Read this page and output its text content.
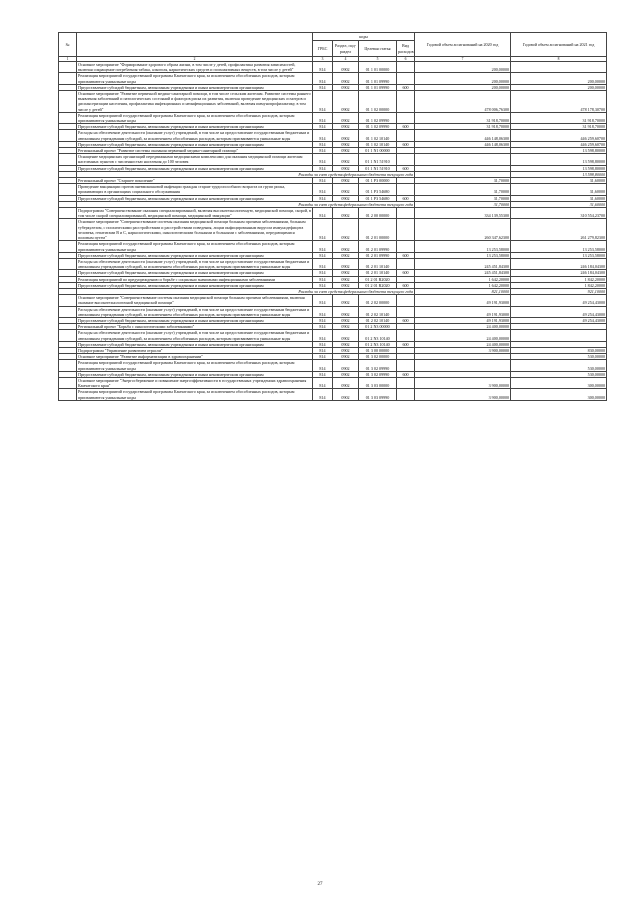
№		коды				Годовой объем ассигнований на 2020 год	Годовой объем ассигнований на 2021 год
		ГРБС	Раздел, под-раздел	Целевая статья	Вид расходов		
1	2	3	4	5	6	7	8
	Основное мероприятие "Формирование здорового образа жизни, в том числе у детей, профилактика развития зависимостей, включая сокращение потребления табака, алкоголя, наркотических средств и психоактивных веществ, в том числе у детей"	814	0902	01 1 01 00000		200,00000	
	Реализация мероприятий государственной программы Камчатского края, за исключением обособленных расходов, которым присваиваются уникальные коды	814	0902	01 1 01 09990		200,00000	200,00000
	Предоставление субсидий бюджетным, автономным учреждениям и иным некоммерческим организациям	814	0902	01 1 01 09990	600	200,00000	200,00000
	Основное мероприятие "Развитие первичной медико-санитарной помощи, в том числе сельским жителям. Развитие системы раннего выявления заболеваний и патологических состояний и факторов риска их развития, включая проведение медицинских осмотров и диспансеризации населения, профилактика инфекционных и неинфекционных заболеваний, включая иммунопрофилактику, в том числе у детей"	814	0902	01 1 02 00000		478 006,76300	478 178,30700
	Реализация мероприятий государственной программы Камчатского края, за исключением обособленных расходов, которым присваиваются уникальные коды	814	0902	01 1 02 09990		31 918,70000	31 918,70000
	Предоставление субсидий бюджетным, автономным учреждениям и иным некоммерческим организациям	814	0902	01 1 02 09990	600	31 918,70000	31 918,70000
	Расходы на обеспечение деятельности (оказание услуг) учреждений, в том числе на предоставление государственным бюджетным и автономным учреждениям субсидий, за исключением обособленных расходов, которым присваиваются уникальные коды	814	0902	01 1 02 10140		446 148,06300	446 259,60700
	Предоставление субсидий бюджетным, автономным учреждениям и иным некоммерческим организациям	814	0902	01 1 02 10140	600	446 148,06300	446 259,60700
	Региональный проект "Развитие системы оказания первичной медико-санитарной помощи"	814	0902	01 1 N1 00000			13 598,80000
	Оснащение медицинских организаций передвижными медицинскими комплексами для оказания медицинской помощи жителям населенных пунктов с численностью населения до 100 человек	814	0902	01 1 N1 51910			13 598,80000
	Предоставление субсидий бюджетным, автономным учреждениям и иным некоммерческим организациям	814	0902	01 1 N1 51910	600		13 598,80000
	Расходы за счет средств федерального бюджета текущего года						13 598,80000
	Региональный проект "Старшее поколение"	814	0902	01 1 P3 00000		31,70000	31,60000
	Проведение вакцинации против пневмококковой инфекции граждан старше трудоспособного возраста из групп риска, проживающих в организациях социального обслуживания	814	0902	01 1 P3 54680		31,70000	31,60000
	Предоставление субсидий бюджетным, автономным учреждениям и иным некоммерческим организациям	814	0902	01 1 P3 54680	600	31,70000	31,60000
	Расходы за счет средств федерального бюджета текущего года					31,70000	31,60000
	Подпрограмма "Совершенствование оказания специализированной, включая высокотехнологичную, медицинской помощи, скорой, в том числе скорой специализированной, медицинской помощи, медицинской эвакуации"	814	0902	01 2 00 00000		334 139,55300	310 554,23700
	Основное мероприятие "Совершенствование системы оказания медицинской помощи больным прочими заболеваниями, больным туберкулезом, с психическими расстройствами и расстройствами поведения, лицам инфицированным вирусом иммунодефицита человека, гепатитами В и С, наркологическими, онкологическими больными и больными с заболеваниями, передающимися половым путем"	814	0902	01 2 01 00000		260 347,62300	261 279,82300
	Реализация мероприятий государственной программы Камчатского края, за исключением обособленных расходов, которым присваиваются уникальные коды	814	0902	01 2 01 09990		13 253,58000	13 253,58000
	Предоставление субсидий бюджетным, автономным учреждениям и иным некоммерческим организациям	814	0902	01 2 01 09990	600	13 253,58000	13 253,58000
	Расходы на обеспечение деятельности (оказание услуг) учреждений, в том числе на предоставление государственным бюджетным и автономным учреждениям субсидий, за исключением обособленных расходов, которым присваиваются уникальные коды	814	0902	01 2 01 10140		245 451,84300	246 184,04300
	Предоставление субсидий бюджетным, автономным учреждениям и иным некоммерческим организациям	814	0902	01 2 01 10140	600	245 451,84300	246 184,04300
	Реализация мероприятий по предупреждению и борьбе с социально значимыми инфекционными заболеваниями	814	0902	01 2 01 R2020		1 642,20000	1 842,20000
	Предоставление субсидий бюджетным, автономным учреждениям и иным некоммерческим организациям	814	0902	01 2 01 R2020	600	1 642,20000	1 842,20000
	Расходы за счет средств федерального бюджета текущего года					821,10000	921,10000
	Основное мероприятие "Совершенствование системы оказания медицинской помощи больным прочими заболеваниями, включая оказание высокотехнологичной медицинской помощи"	814	0902	01 2 02 00000		49 191,93000	49 254,43000
	Расходы на обеспечение деятельности (оказание услуг) учреждений, в том числе на предоставление государственным бюджетным и автономным учреждениям субсидий, за исключением обособленных расходов, которым присваиваются уникальные коды	814	0902	01 2 02 10140		49 191,93000	49 254,43000
	Предоставление субсидий бюджетным, автономным учреждениям и иным некоммерческим организациям	814	0902	01 2 02 10140	600	49 191,93000	49 254,43000
	Региональный проект "Борьба с онкологическими заболеваниями"	814	0902	01 2 N3 00000		24 400,00000	
	Расходы на обеспечение деятельности (оказание услуг) учреждений, в том числе на предоставление государственным бюджетным и автономным учреждениям субсидий, за исключением обособленных расходов, которым присваиваются уникальные коды	814	0902	01 2 N3 10140		24 400,00000	
	Предоставление субсидий бюджетным, автономным учреждениям и иным некоммерческим организациям	814	0902	01 2 N3 10140	600	24 400,00000	
	Подпрограмма "Управление развитием отрасли"	814	0902	01 3 00 00000		3 900,00000	830,00000
	Основное мероприятие "Развитие информатизации в здравоохранении"	814	0902	01 3 02 00000			530,00000
	Реализация мероприятий государственной программы Камчатского края, за исключением обособленных расходов, которым присваиваются уникальные коды	814	0902	01 3 02 09990			530,00000
	Предоставление субсидий бюджетным, автономным учреждениям и иным некоммерческим организациям	814	0902	01 3 02 09990	600		530,00000
	Основное мероприятие "Энергосбережение и повышение энергоэффективности в государственных учреждениях здравоохранения Камчатского края"	814	0902	01 3 03 00000		3 900,00000	300,00000
	Реализация мероприятий государственной программы Камчатского края, за исключением обособленных расходов, которым присваиваются уникальные коды	814	0902	01 3 03 09990		3 900,00000	300,00000
27
